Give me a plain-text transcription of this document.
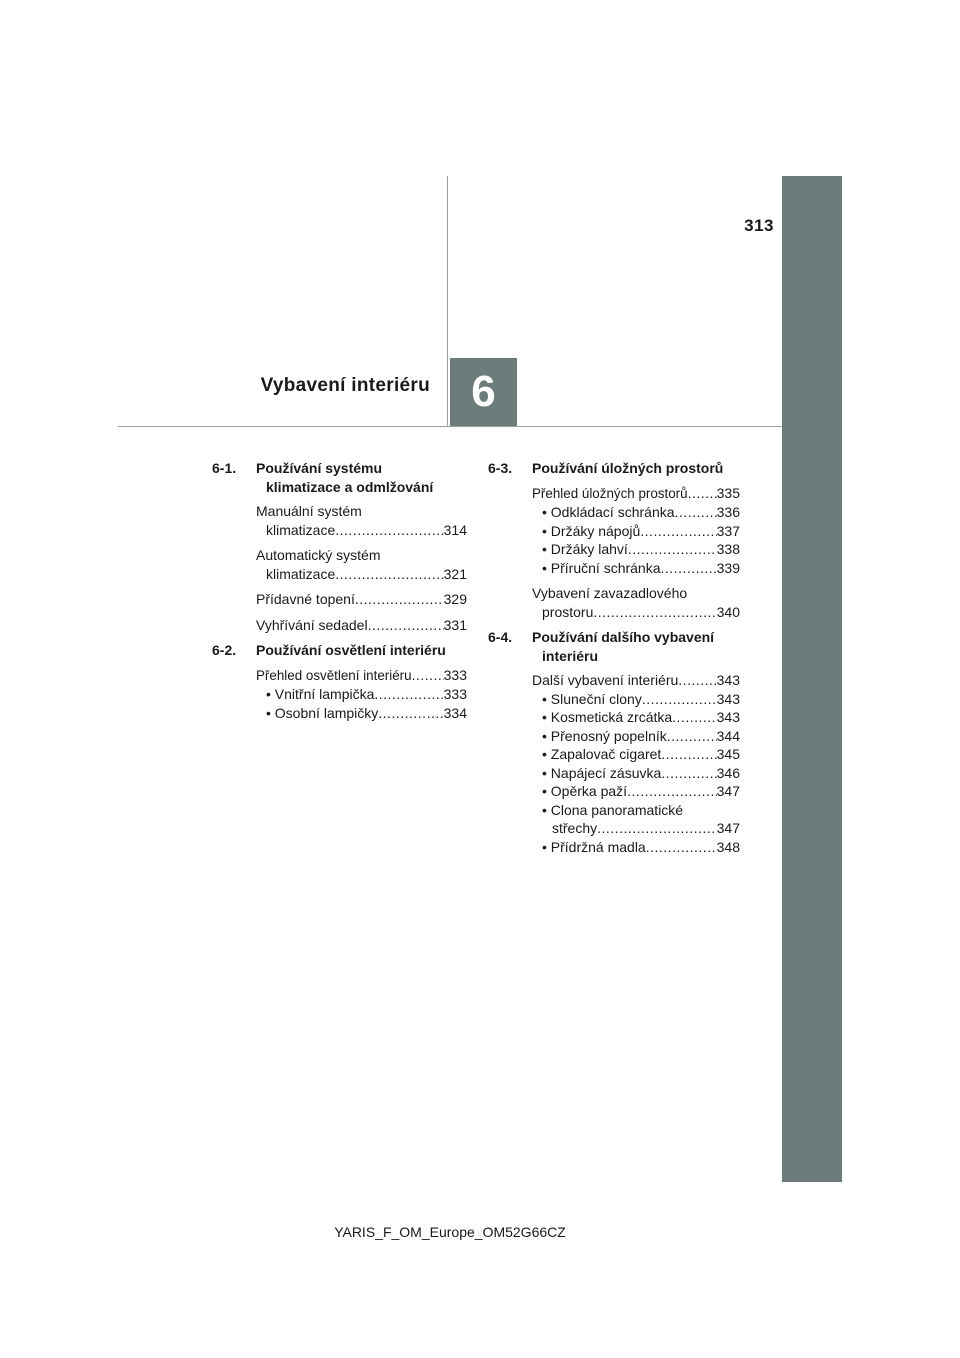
313
Vybavení interiéru 6
6-1.	Používání systému
klimatizace a odmlžování
Manuální systém
klimatizace .....	314
Automatický systém
klimatizace .....	321
Přídavné topení .....	329
Vyhřívání sedadel .....	331
6-2.	Používání osvětlení interiéru
Přehled osvětlení interiéru ..... 333
• Vnitřní lampička .....	333
• Osobní lampičky .....	334
6-3.	Používání úložných prostorů
Přehled úložných prostorů ..... 335
• Odkládací schránka .....	336
• Držáky nápojů .....	337
• Držáky lahví .....	338
• Příruční schránka .....	339
Vybavení zavazadlového
prostoru .....	340
6-4.	Používání dalšího vybavení
interiéru
Další vybavení interiéru .....	343
• Sluneční clony .....	343
• Kosmetická zrcátka .....	343
• Přenosný popelník .....	344
• Zapalovač cigaret .....	345
• Napájecí zásuvka .....	346
• Opěrka paží .....	347
• Clona panoramatické
střechy .....	347
• Přídržná madla .....	348
YARIS_F_OM_Europe_OM52G66CZ
